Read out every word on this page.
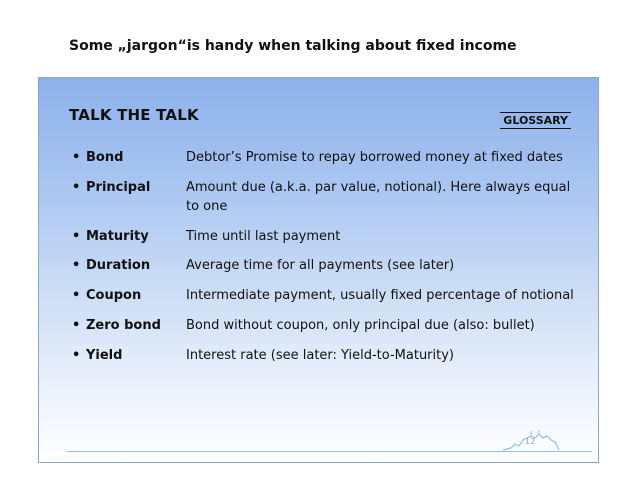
Some „jargon“is handy when talking about fixed income
TALK THE TALK	GLOSSARY
• Bond	Debtor’s Promise to repay borrowed money at fixed dates
• Principal	Amount due (a.k.a. par value, notional). Here always equal to one
• Maturity	Time until last payment
• Duration	Average time for all payments (see later)
• Coupon	Intermediate payment, usually fixed percentage of notional
• Zero bond	Bond without coupon, only principal due (also: bullet)
• Yield	Interest rate (see later: Yield-to-Maturity)
12
